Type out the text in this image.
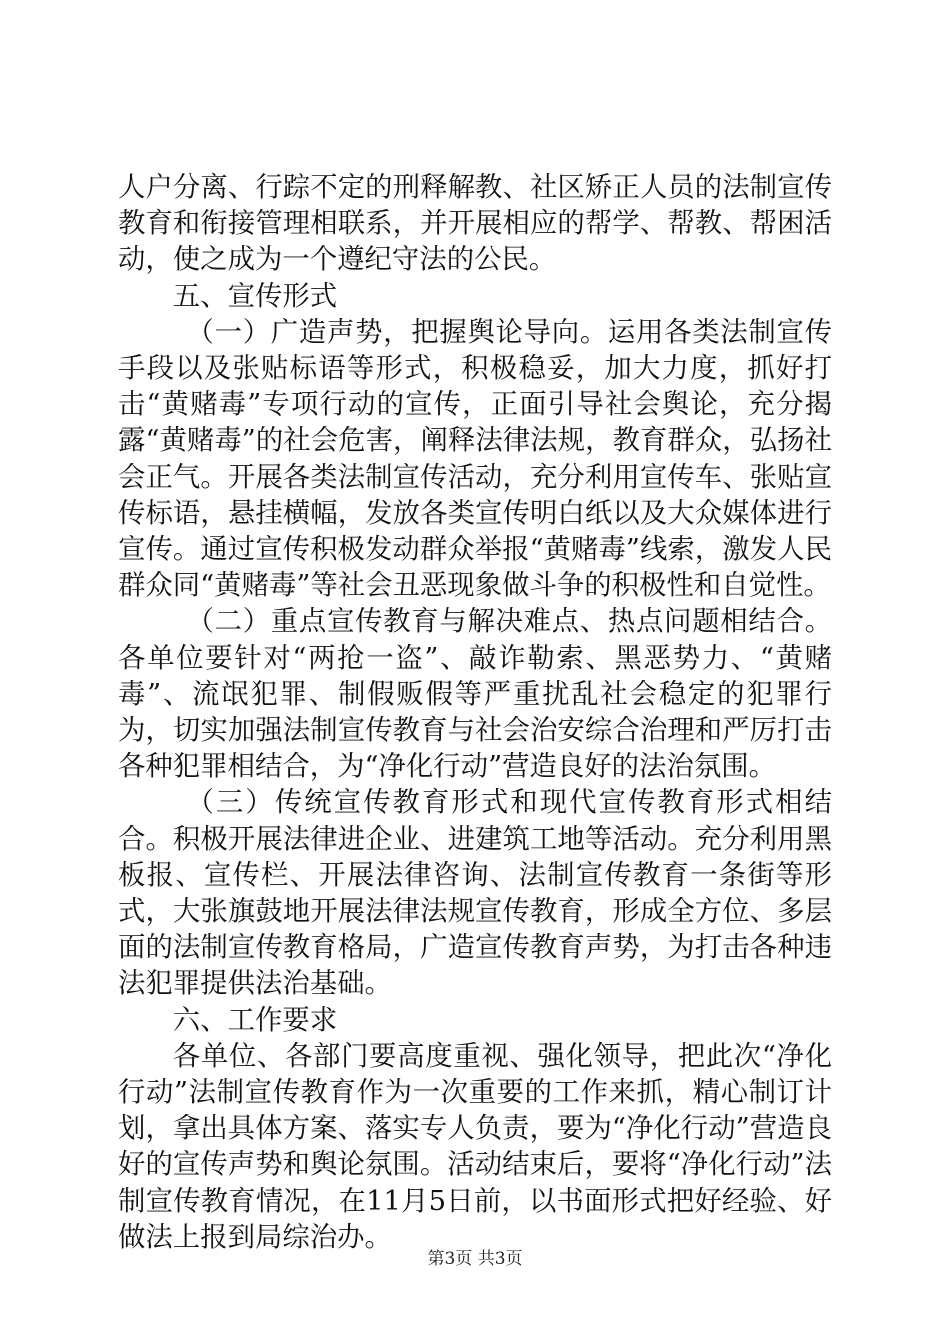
人户分离、行踪不定的刑释解教、社区矫正人员的法制宣传教育和衔接管理相联系，并开展相应的帮学、帮教、帮困活动，使之成为一个遵纪守法的公民。

五、宣传形式

（一）广造声势，把握舆论导向。运用各类法制宣传手段以及张贴标语等形式，积极稳妥，加大力度，抓好打击“黄赌毒”专项行动的宣传，正面引导社会舆论，充分揭露“黄赌毒”的社会危害，阐释法律法规，教育群众，弘扬社会正气。开展各类法制宣传活动，充分利用宣传车、张贴宣传标语，悬挂横幅，发放各类宣传明白纸以及大众媒体进行宣传。通过宣传积极发动群众举报“黄赌毒”线索，激发人民群众同“黄赌毒”等社会丑恶现象做斗争的积极性和自觉性。

（二）重点宣传教育与解决难点、热点问题相结合。各单位要针对“两抢一盗”、敲诈勒索、黑恶势力、“黄赌毒”、流氓犯罪、制假贩假等严重扰乱社会稳定的犯罪行为，切实加强法制宣传教育与社会治安综合治理和严厉打击各种犯罪相结合，为“净化行动”营造良好的法治氛围。

（三）传统宣传教育形式和现代宣传教育形式相结合。积极开展法律进企业、进建筑工地等活动。充分利用黑板报、宣传栏、开展法律咨询、法制宣传教育一条街等形式，大张旗鼓地开展法律法规宣传教育，形成全方位、多层面的法制宣传教育格局，广造宣传教育声势，为打击各种违法犯罪提供法治基础。

六、工作要求

各单位、各部门要高度重视、强化领导，把此次“净化行动”法制宣传教育作为一次重要的工作来抓，精心制订计划，拿出具体方案、落实专人负责，要为“净化行动”营造良好的宣传声势和舆论氛围。活动结束后，要将“净化行动”法制宣传教育情况，在11月5日前，以书面形式把好经验、好做法上报到局综治办。

第3页 共3页
